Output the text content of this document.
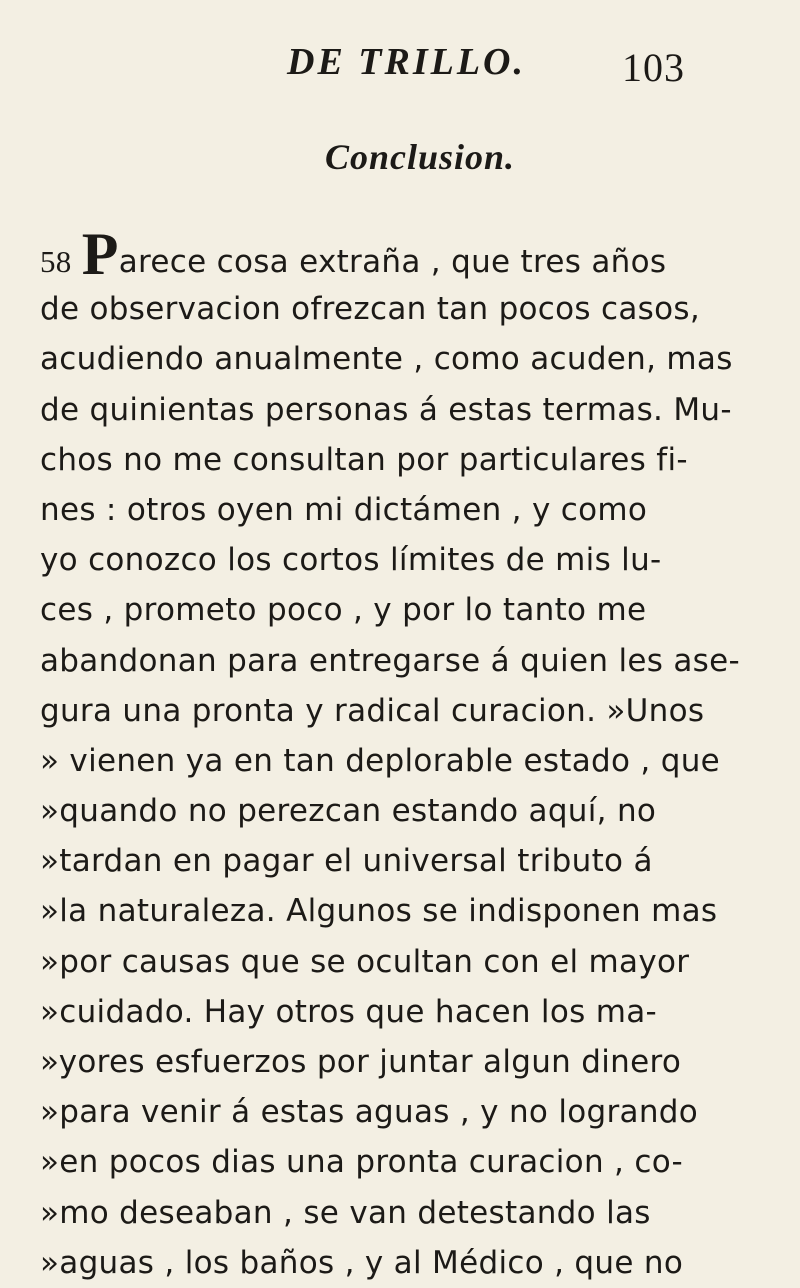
DE TRILLO. 103
Conclusion.
58 Parece cosa extraña , que tres años
de observacion ofrezcan tan pocos casos,
acudiendo anualmente , como acuden, mas
de quinientas personas á estas termas. Mu-
chos no me consultan por particulares fi-
nes : otros oyen mi dictámen , y como
yo conozco los cortos límites de mis lu-
ces , prometo poco , y por lo tanto me
abandonan para entregarse á quien les ase-
gura una pronta y radical curacion. »Unos
» vienen ya en tan deplorable estado , que
»quando no perezcan estando aquí, no
»tardan en pagar el universal tributo á
»la naturaleza. Algunos se indisponen mas
»por causas que se ocultan con el mayor
»cuidado. Hay otros que hacen los ma-
»yores esfuerzos por juntar algun dinero
»para venir á estas aguas , y no logrando
»en pocos dias una pronta curacion , co-
»mo deseaban , se van detestando las
»aguas , los baños , y al Médico , que no
